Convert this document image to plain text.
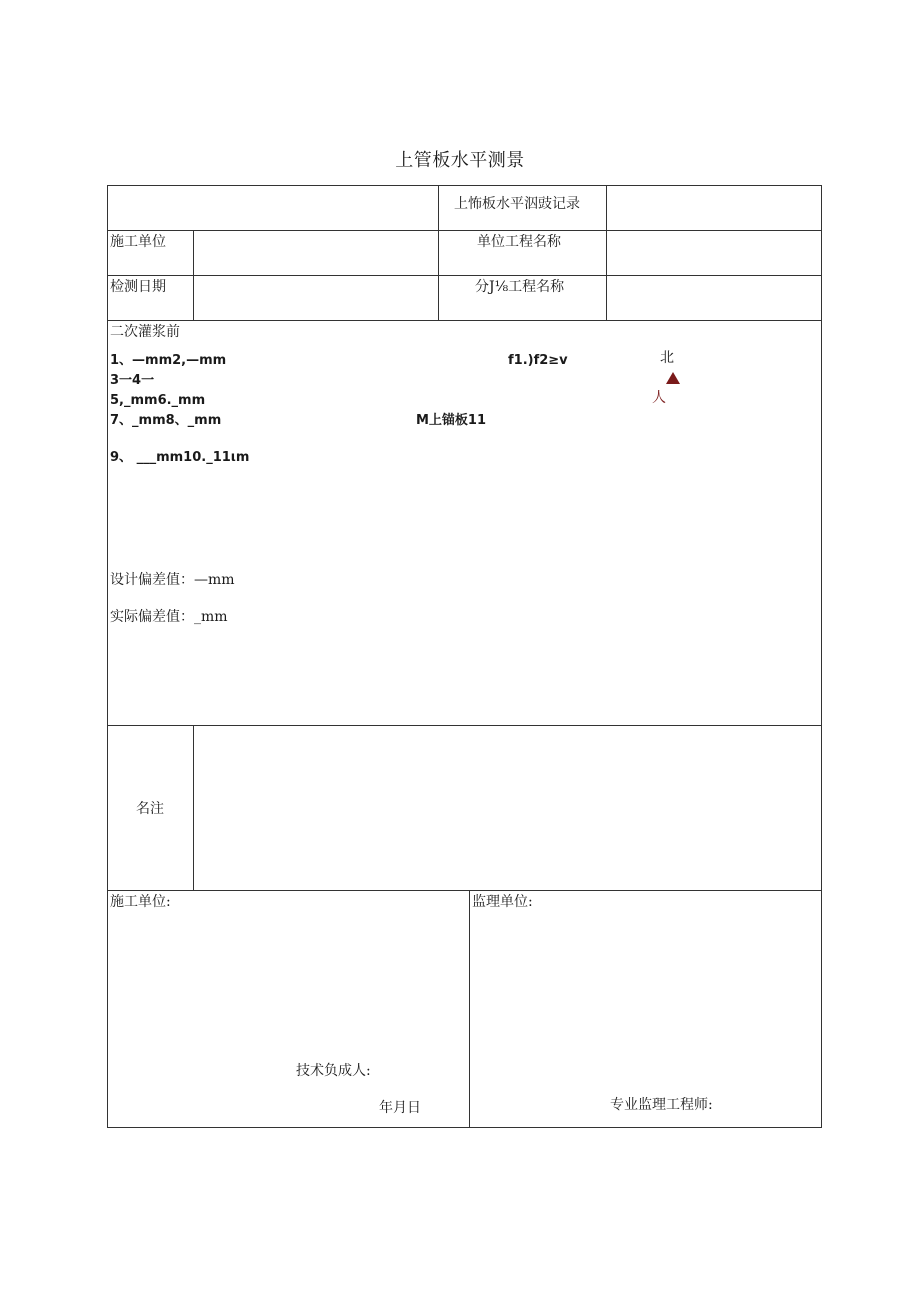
上管板水平测景
上怖板水平泅豉记录
施工单位	单位工程名称
检测日期	分J⅛工程名称
二次灌浆前
1、—mm2,—mm
3一4一
5,_mm6._mm
7、_mm8、_mm
9、 ___mm10._11ιm
f1.)f2≥v
M上锚板11
北
人
设计偏差值：—mm
实际偏差值：_mm
名注
施工单位:
技术负成人:
年月日
监理单位:
专业监理工程师:
